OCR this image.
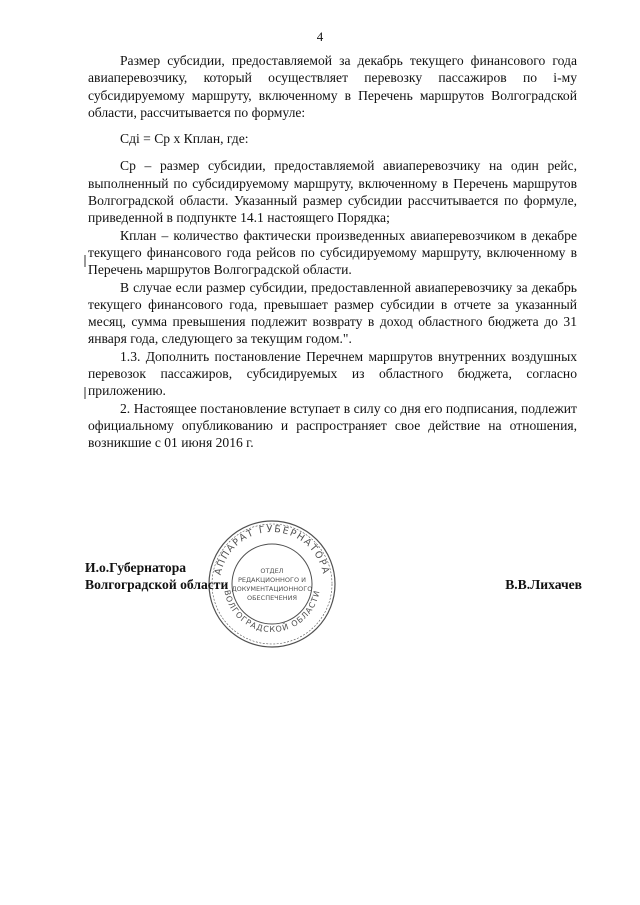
4

Размер субсидии, предоставляемой за декабрь текущего финансового года авиаперевозчику, который осуществляет перевозку пассажиров по i-му субсидируемому маршруту, включенному в Перечень маршрутов Волгоградской области, рассчитывается по формуле:

Сдi = Ср x Кплан, где:

Ср – размер субсидии, предоставляемой авиаперевозчику на один рейс, выполненный по субсидируемому маршруту, включенному в Перечень маршрутов Волгоградской области. Указанный размер субсидии рассчитывается по формуле, приведенной в подпункте 14.1 настоящего Порядка;

Кплан – количество фактически произведенных авиаперевозчиком в декабре текущего финансового года рейсов по субсидируемому маршруту, включенному в Перечень маршрутов Волгоградской области.

В случае если размер субсидии, предоставленной авиаперевозчику за декабрь текущего финансового года, превышает размер субсидии в отчете за указанный месяц, сумма превышения подлежит возврату в доход областного бюджета до 31 января года, следующего за текущим годом.".

1.3. Дополнить постановление Перечнем маршрутов внутренних воздушных перевозок пассажиров, субсидируемых из областного бюджета, согласно приложению.

2. Настоящее постановление вступает в силу со дня его подписания, подлежит официальному опубликованию и распространяет свое действие на отношения, возникшие с 01 июня 2016 г.

И.о.Губернатора
Волгоградской области	В.В.Лихачев
АППАРАТ ГУБЕРНАТОРА
ВОЛГОГРАДСКОЙ ОБЛАСТИ
ОТДЕЛ
РЕДАКЦИОННОГО И
ДОКУМЕНТАЦИОННОГО
ОБЕСПЕЧЕНИЯ
